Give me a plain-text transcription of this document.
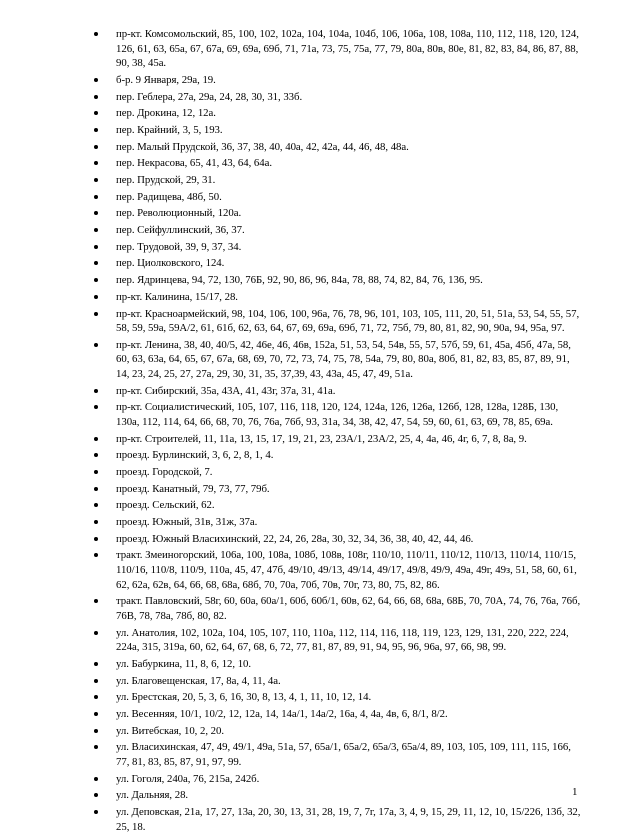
пр-кт. Комсомольский, 85, 100, 102, 102а, 104, 104а, 104б, 106, 106а, 108, 108а, 110, 112, 118, 120, 124, 126, 61, 63, 65а, 67, 67а, 69, 69а, 69б, 71, 71а, 73, 75, 75а, 77, 79, 80а, 80в, 80е, 81, 82, 83, 84, 86, 87, 88, 90, 38, 45а.
б-р. 9 Января, 29а, 19.
пер. Геблера, 27а, 29а, 24, 28, 30, 31, 33б.
пер. Дрокина, 12, 12а.
пер. Крайний, 3, 5, 193.
пер. Малый Прудской, 36, 37, 38, 40, 40а, 42, 42а, 44, 46, 48, 48а.
пер. Некрасова, 65, 41, 43, 64, 64а.
пер. Прудской, 29, 31.
пер. Радищева, 48б, 50.
пер. Революционный, 120а.
пер. Сейфуллинский, 36, 37.
пер. Трудовой, 39, 9, 37, 34.
пер. Циолковского, 124.
пер. Ядринцева, 94, 72, 130, 76Б, 92, 90, 86, 96, 84а, 78, 88, 74, 82, 84, 76, 136, 95.
пр-кт. Калинина, 15/17, 28.
пр-кт. Красноармейский, 98, 104, 106, 100, 96а, 76, 78, 96, 101, 103, 105, 111, 20, 51, 51а, 53, 54, 55, 57, 58, 59, 59а, 59А/2, 61, 61б, 62, 63, 64, 67, 69, 69а, 69б, 71, 72, 75б, 79, 80, 81, 82, 90, 90а, 94, 95а, 97.
пр-кт. Ленина, 38, 40, 40/5, 42, 46е, 46, 46в, 152а, 51, 53, 54, 54в, 55, 57, 57б, 59, 61, 45а, 45б, 47а, 58, 60, 63, 63а, 64, 65, 67, 67а, 68, 69, 70, 72, 73, 74, 75, 78, 54а, 79, 80, 80а, 80б, 81, 82, 83, 85, 87, 89, 91, 14, 23, 24, 25, 27, 27а, 29, 30, 31, 35, 37,39, 43, 43а, 45, 47, 49, 51а.
пр-кт. Сибирский, 35а, 43А, 41, 43г, 37а, 31, 41а.
пр-кт. Социалистический, 105, 107, 116, 118, 120, 124, 124а, 126, 126а, 126б, 128, 128а, 128Б, 130, 130а, 112, 114, 64, 66, 68, 70, 76, 76а, 76б, 93, 31а, 34, 38, 42, 47, 54, 59, 60, 61, 63, 69, 78, 85, 69а.
пр-кт. Строителей, 11, 11а, 13, 15, 17, 19, 21, 23, 23А/1, 23А/2, 25, 4, 4а, 46, 4г, 6, 7, 8, 8а, 9.
проезд. Бурлинский, 3, 6, 2, 8, 1, 4.
проезд. Городской, 7.
проезд. Канатный, 79, 73, 77, 79б.
проезд. Сельский, 62.
проезд. Южный, 31в, 31ж, 37а.
проезд. Южный Власихинский, 22, 24, 26, 28а, 30, 32, 34, 36, 38, 40, 42, 44, 46.
тракт. Змеиногорский, 106а, 100, 108а, 108б, 108в, 108г, 110/10, 110/11, 110/12, 110/13, 110/14, 110/15, 110/16, 110/8, 110/9, 110а, 45, 47, 47б, 49/10, 49/13, 49/14, 49/17, 49/8, 49/9, 49а, 49г, 49з, 51, 58, 60, 61, 62, 62а, 62в, 64, 66, 68, 68а, 68б, 70, 70а, 70б, 70в, 70г, 73, 80, 75, 82, 86.
тракт. Павловский, 58г, 60, 60а, 60а/1, 60б, 60б/1, 60в, 62, 64, 66, 68, 68а, 68Б, 70, 70А, 74, 76, 76а, 76б, 76В, 78, 78а, 78б, 80, 82.
ул. Анатолия, 102, 102а, 104, 105, 107, 110, 110а, 112, 114, 116, 118, 119, 123, 129, 131, 220, 222, 224, 224а, 315, 319а, 60, 62, 64, 67, 68, 6, 72, 77, 81, 87, 89, 91, 94, 95, 96, 96а, 97, 66, 98, 99.
ул. Бабуркина, 11, 8, 6, 12, 10.
ул. Благовещенская, 17, 8а, 4, 11, 4а.
ул. Брестская, 20, 5, 3, 6, 16, 30, 8, 13, 4, 1, 11, 10, 12, 14.
ул. Весенняя, 10/1, 10/2, 12, 12а, 14, 14а/1, 14а/2, 16а, 4, 4а, 4в, 6, 8/1, 8/2.
ул. Витебская, 10, 2, 20.
ул. Власихинская, 47, 49, 49/1, 49а, 51а, 57, 65а/1, 65а/2, 65а/3, 65а/4, 89, 103, 105, 109, 111, 115, 166, 77, 81, 83, 85, 87, 91, 97, 99.
ул. Гоголя, 240а, 76, 215а, 242б.
ул. Дальняя, 28.
ул. Деповская, 21а, 17, 27, 13а, 20, 30, 13, 31, 28, 19, 7, 7г, 17а, 3, 4, 9, 15, 29, 11, 12, 10, 15/226, 13б, 32, 25, 18.
1
